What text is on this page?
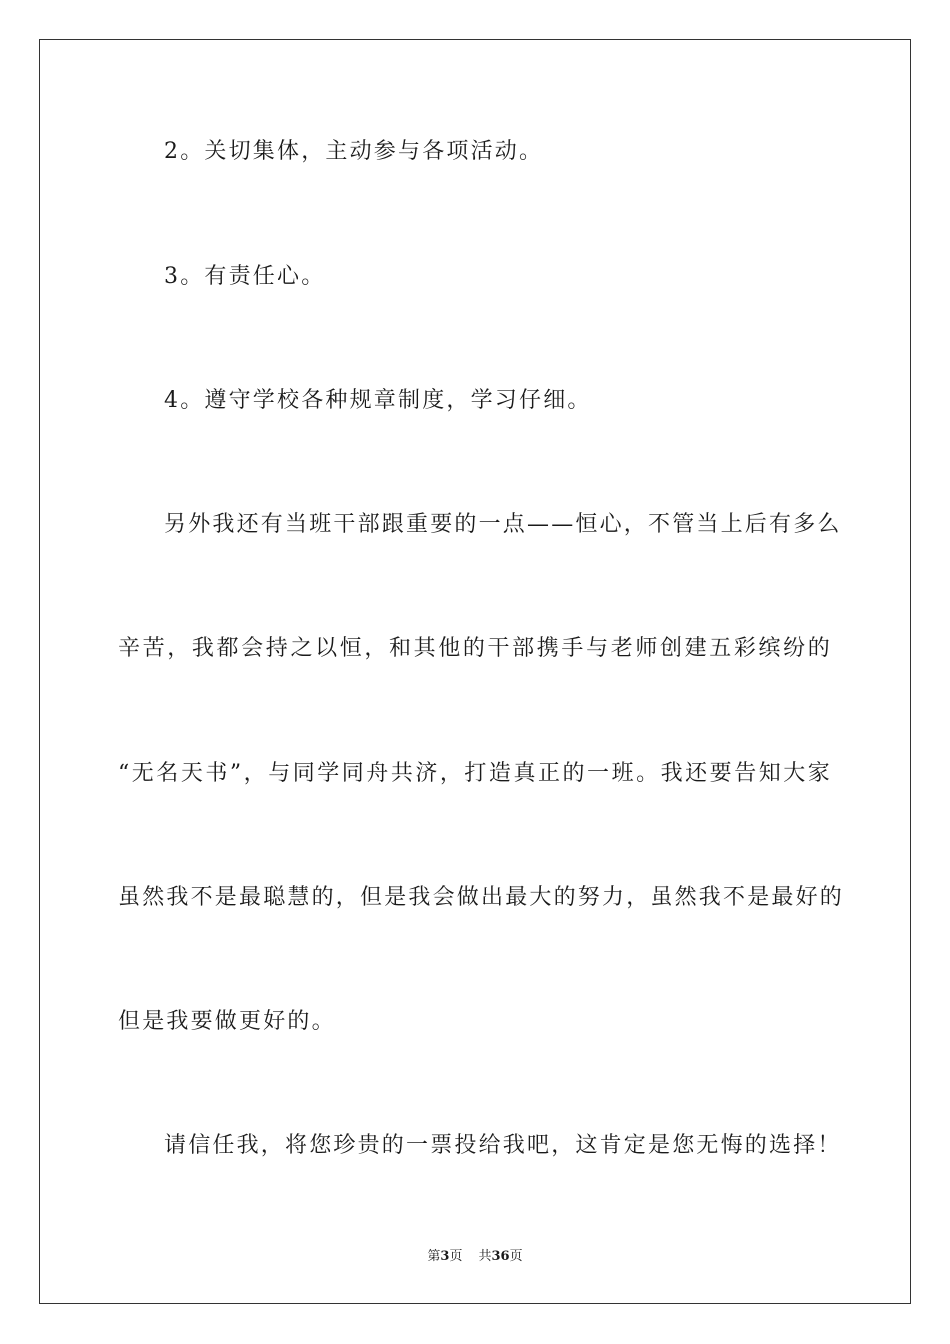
2。关切集体，主动参与各项活动。

3。有责任心。

4。遵守学校各种规章制度，学习仔细。

另外我还有当班干部跟重要的一点——恒心，不管当上后有多么

辛苦，我都会持之以恒，和其他的干部携手与老师创建五彩缤纷的

“无名天书”，与同学同舟共济，打造真正的一班。我还要告知大家

虽然我不是最聪慧的，但是我会做出最大的努力，虽然我不是最好的

但是我要做更好的。

请信任我，将您珍贵的一票投给我吧，这肯定是您无悔的选择！

第3页 共36页
